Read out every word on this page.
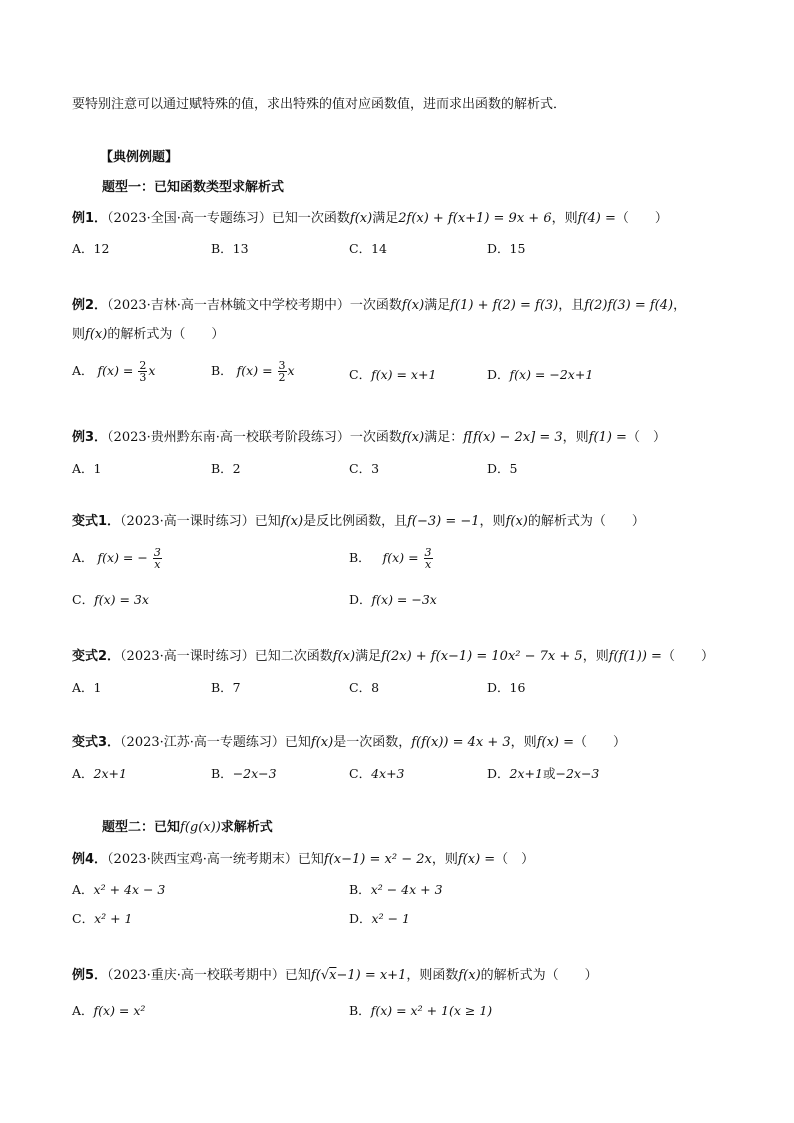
要特别注意可以通过赋特殊的值，求出特殊的值对应函数值，进而求出函数的解析式．
【典例例题】
题型一：已知函数类型求解析式
例1．（2023·全国·高一专题练习）已知一次函数f(x)满足2f(x) + f(x+1) = 9x + 6，则f(4) =（　　）
A．12	B．13	C．14	D．15
例2．（2023·吉林·高一吉林毓文中学校考期中）一次函数f(x)满足f(1) + f(2) = f(3)，且f(2)f(3) = f(4)，
则f(x)的解析式为（　　）
A． $f(x) = \frac{2}{3}$ x	B． $f(x) = \frac{3}{2}$ x	C．f(x) = x+1	D．f(x) = −2x+1
例3．（2023·贵州黔东南·高一校联考阶段练习）一次函数f(x)满足：f[f(x) − 2x] = 3，则f(1) =（　）
A．1	B．2	C．3	D．5
变式1．（2023·高一课时练习）已知f(x)是反比例函数，且f(−3) = −1，则f(x)的解析式为（　　）
A． f(x) = − $\frac{3}{x}$	B． $f(x) = \frac{3}{x}$
C．f(x) = 3x	D．f(x) = −3x
变式2．（2023·高一课时练习）已知二次函数f(x)满足f(2x) + f(x−1) = 10x² − 7x + 5，则f(f(1)) =（　　）
A．1	B．7	C．8	D．16
变式3．（2023·江苏·高一专题练习）已知f(x)是一次函数，f(f(x)) = 4x + 3，则f(x) =（　　）
A．2x+1	B．−2x−3	C．4x+3	D．2x+1或−2x−3
题型二：已知f(g(x))求解析式
例4．（2023·陕西宝鸡·高一统考期末）已知f(x−1) = x² − 2x，则f(x) =（　）
A．x² + 4x − 3	B．x² − 4x + 3
C．x² + 1	D．x² − 1
例5．（2023·重庆·高一校联考期中）已知f(√x−1) = x+1，则函数f(x)的解析式为（　　）
A．f(x) = x²	B．f(x) = x² + 1(x ≥ 1)
